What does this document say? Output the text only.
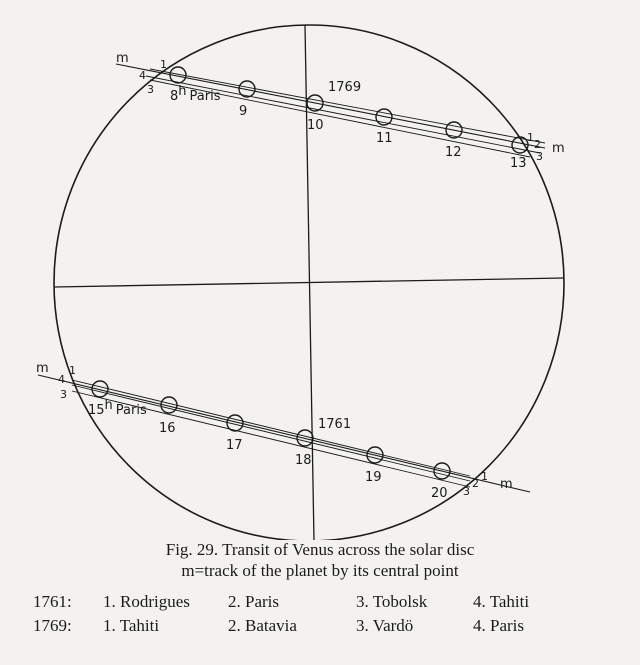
m	1
4
3 8h Paris
9
10
11
12
13
1769
1
2
3
m
m 1
4
3
15h Paris
16
17
18
19
20
1761
1
2
3 m
Fig. 29. Transit of Venus across the solar disc
m=track of the planet by its central point
1761: 1. Rodrigues 2. Paris	3. Tobolsk	4. Tahiti
1769: 1. Tahiti	2. Batavia	3. Vardö	4. Paris
